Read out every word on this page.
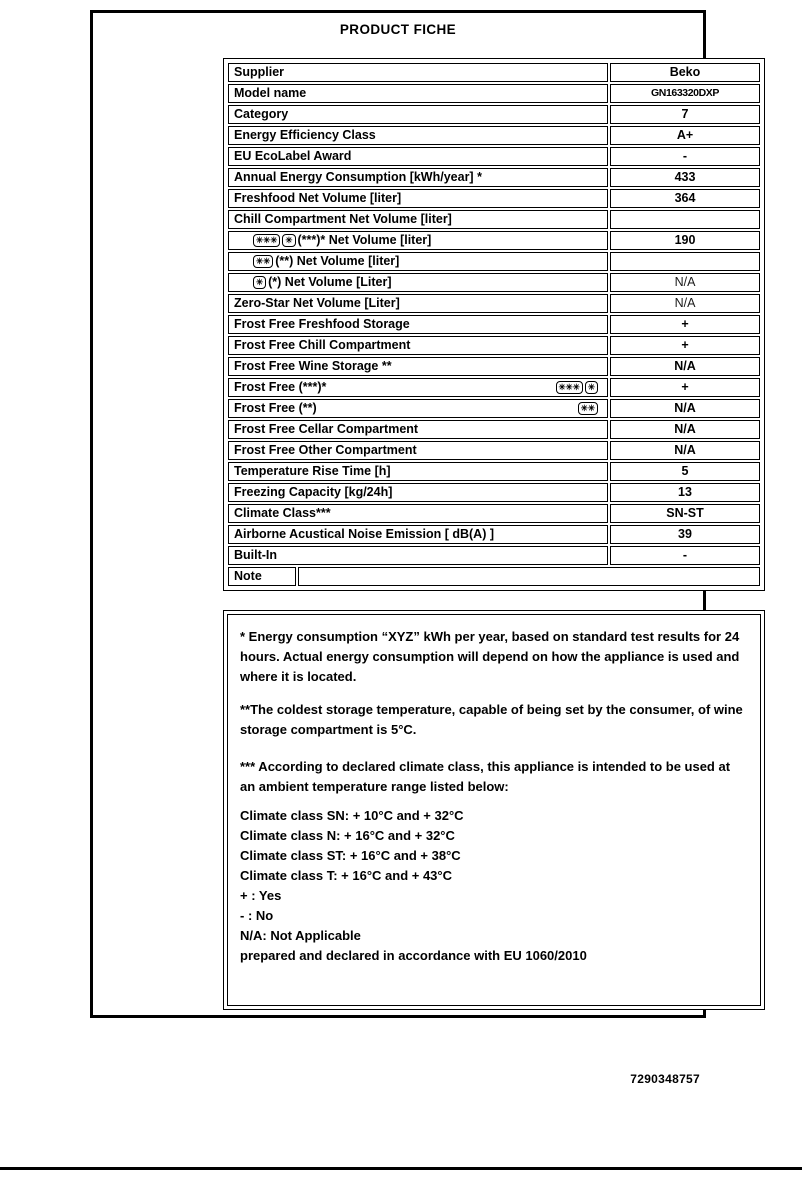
PRODUCT FICHE
Supplier		Beko
Model name		GN163320DXP
Category		7
Energy Efficiency Class		A+
EU EcoLabel Award		-
Annual Energy Consumption [kWh/year] *		433
Freshfood Net Volume [liter]		364
Chill Compartment Net Volume [liter]		
✳✳✳ ✳ (***)* Net Volume [liter]		190
✳✳ (**) Net Volume [liter]		
✳ (*) Net Volume [Liter]		N/A
Zero-Star Net Volume [Liter]		N/A
Frost Free Freshfood Storage		+
Frost Free Chill Compartment		+
Frost Free Wine Storage **		N/A
Frost Free (***)* ✳✳✳ ✳		+
Frost Free (**) ✳✳		N/A
Frost Free Cellar Compartment		N/A
Frost Free Other Compartment		N/A
Temperature Rise Time [h]		5
Freezing Capacity [kg/24h]		13
Climate Class***		SN-ST
Airborne Acustical Noise Emission [ dB(A) ]		39
Built-In		-
Note		

* Energy consumption “XYZ” kWh per year, based on standard test results for 24 hours. Actual energy consumption will depend on how the appliance is used and where it is located.

**The coldest storage temperature, capable of being set by the consumer, of wine storage compartment is 5°C.

*** According to declared climate class, this appliance is intended to be used at an ambient temperature range listed below:

Climate class SN: + 10°C and + 32°C

Climate class N: + 16°C and + 32°C

Climate class ST: + 16°C and + 38°C

Climate class T: + 16°C and + 43°C

+ : Yes

- : No

N/A: Not Applicable

prepared and declared in accordance with EU 1060/2010

7290348757
